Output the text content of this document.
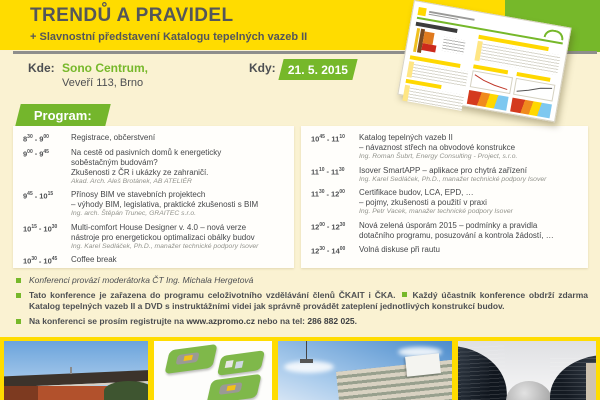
TRENDŮ A PRAVIDEL
+ Slavnostní představení Katalogu tepelných vazeb II
Kde: Sono Centrum,
Veveří 113, Brno
Kdy: 21. 5. 2015
Program:
$8^{30} - 9^{00}$	Registrace, občerstvení
$9^{00} - 9^{45}$	Na cestě od pasivních domů k energeticky
soběstačným budovám?
Zkušenosti z ČR i ukázky ze zahraničí.
Akad. Arch. Aleš Brotánek, AB ATELIÉR
$9^{45} - 10^{15}$	Přínosy BIM ve stavebních projektech
– výhody BIM, legislativa, praktické zkušenosti s BIM
Ing. arch. Štěpán Trunec, GRAITEC s.r.o.
$10^{15} - 10^{30}$	Multi-comfort House Designer v. 4.0 – nová verze
nástroje pro energetickou optimalizaci obálky budov
Ing. Karel Sedláček, Ph.D., manažer technické podpory Isover
$10^{30} - 10^{45}$	Coffee break
$10^{45} - 11^{10}$	Katalog tepelných vazeb II
– návaznost střech na obvodové konstrukce
Ing. Roman Šubrt, Energy Consulting - Project, s.r.o.
$11^{10} - 11^{30}$	Isover SmartAPP – aplikace pro chytrá zařízení
Ing. Karel Sedláček, Ph.D., manažer technické podpory Isover
$11^{30} - 12^{00}$	Certifikace budov, LCA, EPD, …
– pojmy, zkušenosti a použití v praxi
Ing. Petr Vacek, manažer technické podpory Isover
$12^{00} - 12^{30}$	Nová zelená úsporám 2015 – podmínky a pravidla
dotačního programu, posuzování a kontrola žádostí, …
$12^{30} - 14^{00}$	Volná diskuse při rautu
Konferenci provází moderátorka ČT Ing. Michala Hergetová
Tato konference je zařazena do programu celoživotního vzdělávání členů ČKAIT i ČKA. Každý účastník konference obdrží zdarma Katalog tepelných vazeb II a DVD s instruktážními videi jak správně provádět zateplení jednotlivých konstrukcí budov.
Na konferenci se prosím registrujte na www.azpromo.cz nebo na tel: 286 882 025.
